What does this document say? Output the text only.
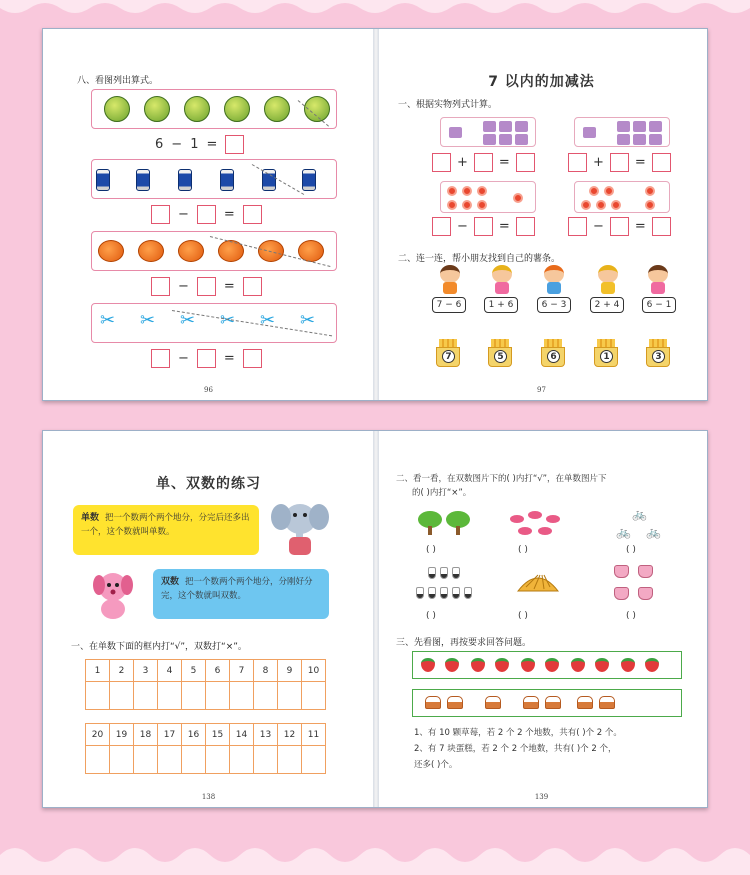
八、看图列出算式。
6 − 1 =
−	=
−	=
✂ ✂ ✂ ✂ ✂ ✂
−	=
96
7 以内的加减法
一、根据实物列式计算。
+ =	+ =
− =	− =
二、连一连，帮小朋友找到自己的薯条。
7 − 6	1 + 6	6 − 3	2 + 4	6 − 1
7	5	6	1	3
97
单、双数的练习
单数 把一个数两个两个地分，分完后还多出一个，这个数就叫单数。
双数 把一个数两个两个地分，分刚好分完，这个数就叫双数。
一、在单数下面的框内打“√”，双数打“×”。
1	2	3	4	5	6	7	8	9	10

20	19	18	17	16	15	14	13	12	11

138
二、看一看，在双数图片下的( )内打“√”，在单数图片下
的( )内打“×”。
( )	( )
🚲
🚲 🚲
( )
( )	( )	( )
三、先看图，再按要求回答问题。
1、有 10 颗草莓，若 2 个 2 个地数，共有( )个 2 个。
2、有 7 块蛋糕，若 2 个 2 个地数，共有( )个 2 个，
还多( )个。
139
